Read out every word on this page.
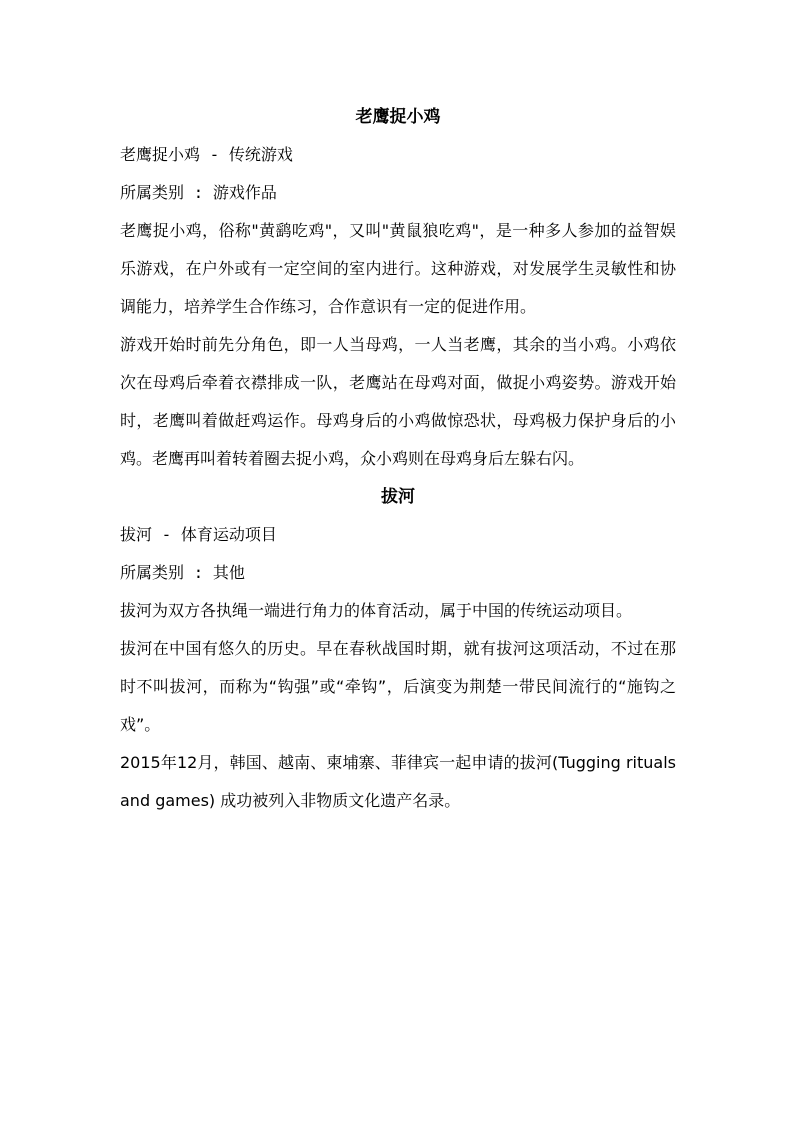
老鹰捉小鸡

老鹰捉小鸡 - 传统游戏

所属类别 : 游戏作品

老鹰捉小鸡，俗称"黄鹞吃鸡"，又叫"黄鼠狼吃鸡"，是一种多人参加的益智娱乐游戏，在户外或有一定空间的室内进行。这种游戏，对发展学生灵敏性和协调能力，培养学生合作练习，合作意识有一定的促进作用。

游戏开始时前先分角色，即一人当母鸡，一人当老鹰，其余的当小鸡。小鸡依次在母鸡后牵着衣襟排成一队，老鹰站在母鸡对面，做捉小鸡姿势。游戏开始时，老鹰叫着做赶鸡运作。母鸡身后的小鸡做惊恐状，母鸡极力保护身后的小鸡。老鹰再叫着转着圈去捉小鸡，众小鸡则在母鸡身后左躲右闪。

拔河

拔河 - 体育运动项目

所属类别 : 其他

拔河为双方各执绳一端进行角力的体育活动，属于中国的传统运动项目。

拔河在中国有悠久的历史。早在春秋战国时期，就有拔河这项活动，不过在那时不叫拔河，而称为“钩强”或“牵钩”，后演变为荆楚一带民间流行的“施钩之戏”。

2015年12月，韩国、越南、柬埔寨、菲律宾一起申请的拔河(Tugging rituals and games) 成功被列入非物质文化遗产名录。
